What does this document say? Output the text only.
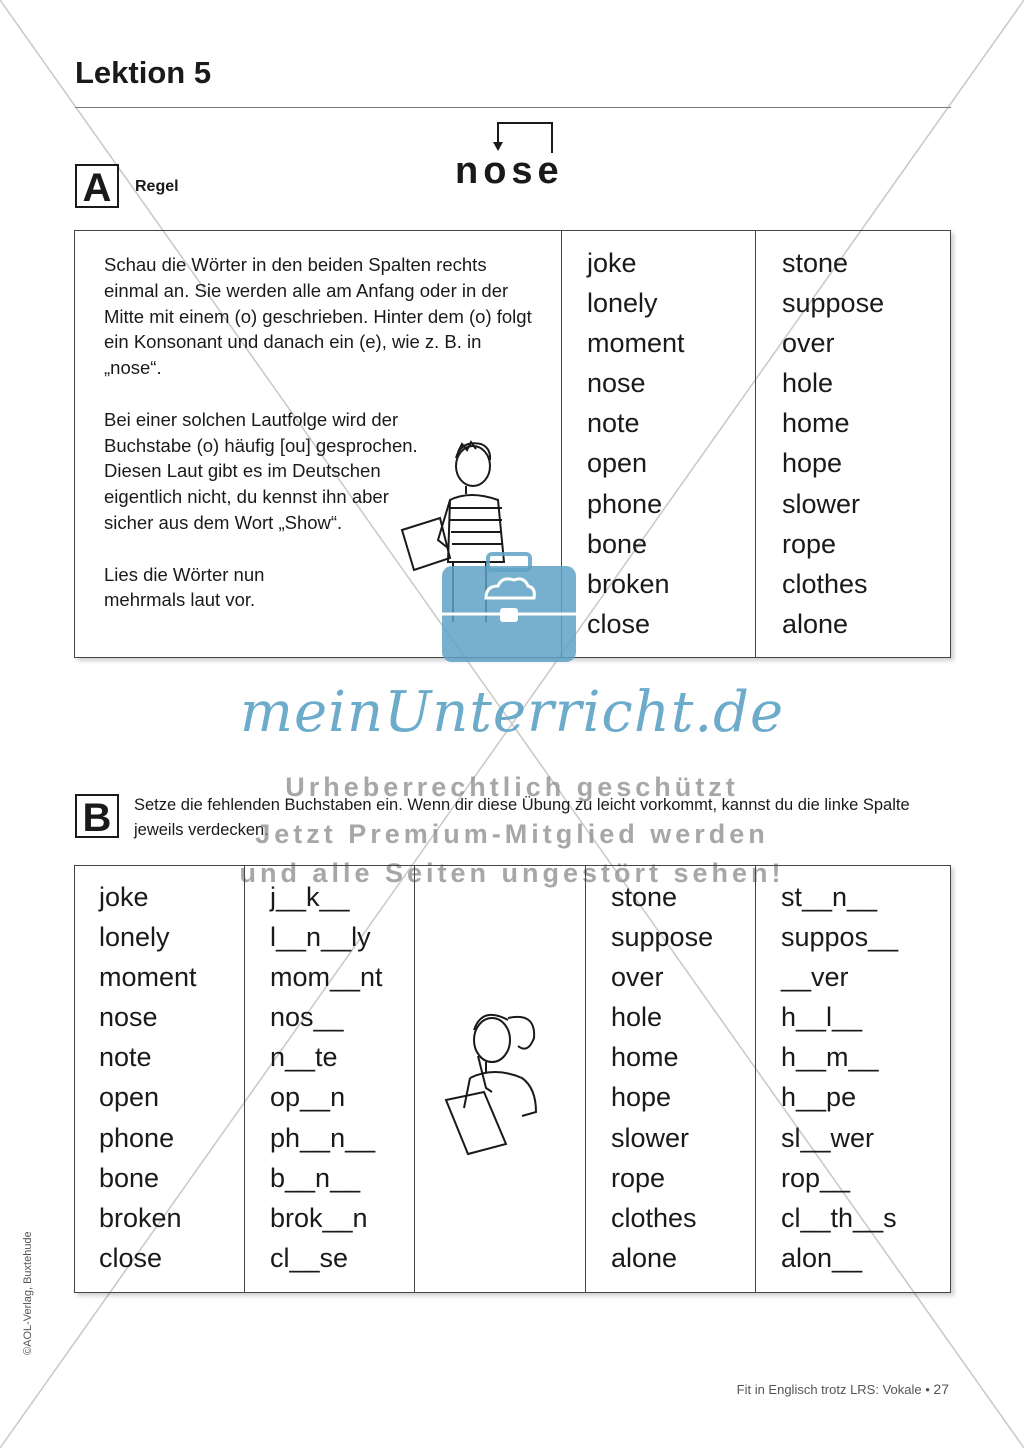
Lektion 5
nose
A	Regel

Schau die Wörter in den beiden Spalten rechts einmal an. Sie werden alle am Anfang oder in der Mitte mit einem (o) geschrieben. Hinter dem (o) folgt ein Konsonant und danach ein (e), wie z. B. in „nose“.

Bei einer solchen Lautfolge wird der Buchstabe (o) häufig [ou] gesprochen. Diesen Laut gibt es im Deutschen eigentlich nicht, du kennst ihn aber sicher aus dem Wort „Show“.

Lies die Wörter nun mehrmals laut vor.

joke
lonely
moment
nose
note
open
phone
bone
broken
close
stone
suppose
over
hole
home
hope
slower
rope
clothes
alone
meinUnterricht.de
Urheberrechtlich geschützt
B	Setze die fehlenden Buchstaben ein. Wenn dir diese Übung zu leicht vorkommt, kannst du die linke Spalte jeweils verdecken.
Jetzt Premium-Mitglied werden
und alle Seiten ungestört sehen!
joke
lonely
moment
nose
note
open
phone
bone
broken
close
j__k__
l__n__ly
mom__nt
nos__
n__te
op__n
ph__n__
b__n__
brok__n
cl__se
stone
suppose
over
hole
home
hope
slower
rope
clothes
alone
st__n__
suppos__
__ver
h__l__
h__m__
h__pe
sl__wer
rop__
cl__th__s
alon__
Fit in Englisch trotz LRS: Vokale • 27
©AOL-Verlag, Buxtehude
